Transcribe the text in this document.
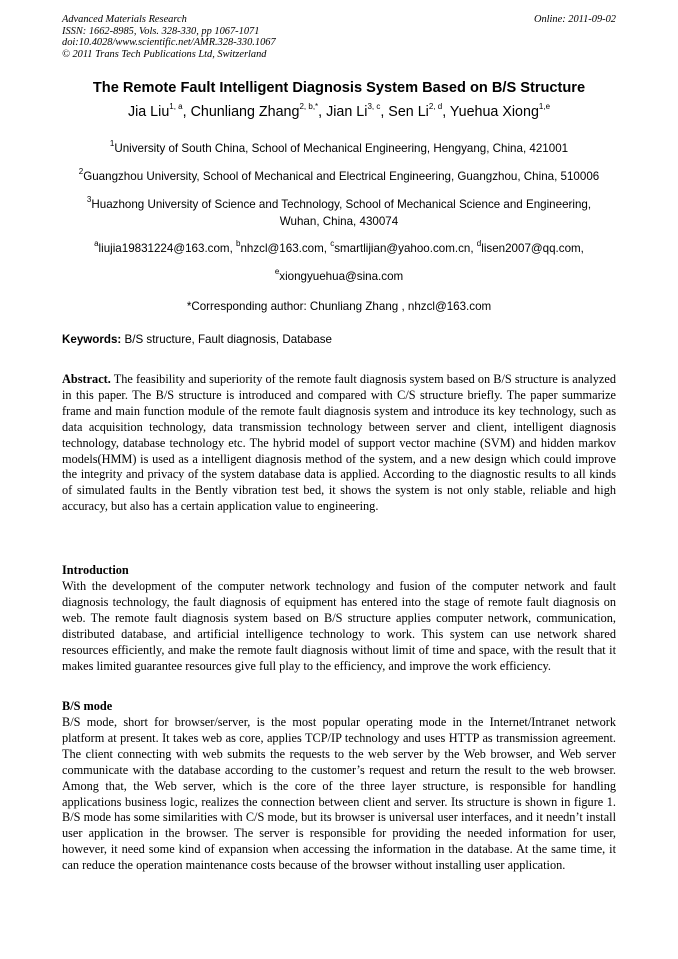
Advanced Materials Research
ISSN: 1662-8985, Vols. 328-330, pp 1067-1071
doi:10.4028/www.scientific.net/AMR.328-330.1067
© 2011 Trans Tech Publications Ltd, Switzerland
Online: 2011-09-02
The Remote Fault Intelligent Diagnosis System Based on B/S Structure
Jia Liu$^{1, a}$, Chunliang Zhang$^{2, b,*}$, Jian Li$^{3, c}$, Sen Li$^{2, d}$, Yuehua Xiong$^{1,e}$
$^1$University of South China, School of Mechanical Engineering, Hengyang, China, 421001
$^2$Guangzhou University, School of Mechanical and Electrical Engineering, Guangzhou, China, 510006
$^3$Huazhong University of Science and Technology, School of Mechanical Science and Engineering,
Wuhan, China, 430074
$^a$liujia19831224@163.com, $^b$nhzcl@163.com, $^c$smartlijian@yahoo.com.cn, $^d$lisen2007@qq.com,
$^e$xiongyuehua@sina.com
*Corresponding author: Chunliang Zhang , nhzcl@163.com
Keywords: B/S structure, Fault diagnosis, Database
Abstract. The feasibility and superiority of the remote fault diagnosis system based on B/S structure is analyzed in this paper. The B/S structure is introduced and compared with C/S structure briefly. The paper summarize frame and main function module of the remote fault diagnosis system and introduce its key technology, such as data acquisition technology, data transmission technology between server and client, intelligent diagnosis technology, database technology etc. The hybrid model of support vector machine (SVM) and hidden markov models(HMM) is used as a intelligent diagnosis method of the system, and a new design which could improve the integrity and privacy of the system database data is applied. According to the diagnostic results to all kinds of simulated faults in the Bently vibration test bed, it shows the system is not only stable, reliable and high accuracy, but also has a certain application value to engineering.
Introduction
With the development of the computer network technology and fusion of the computer network and fault diagnosis technology, the fault diagnosis of equipment has entered into the stage of remote fault diagnosis on web. The remote fault diagnosis system based on B/S structure applies computer network, communication, distributed database, and artificial intelligence technology to work. This system can use network shared resources efficiently, and make the remote fault diagnosis without limit of time and space, with the result that it makes limited guarantee resources give full play to the efficiency, and improve the work efficiency.
B/S mode
B/S mode, short for browser/server, is the most popular operating mode in the Internet/Intranet network platform at present. It takes web as core, applies TCP/IP technology and uses HTTP as transmission agreement. The client connecting with web submits the requests to the web server by the Web browser, and Web server communicate with the database according to the customer’s request and return the result to the web browser. Among that, the Web server, which is the core of the three layer structure, is responsible for handling applications business logic, realizes the connection between client and server. Its structure is shown in figure 1. B/S mode has some similarities with C/S mode, but its browser is universal user interfaces, and it needn’t install user application in the browser. The server is responsible for providing the needed information for user, however, it need some kind of expansion when accessing the information in the database. At the same time, it can reduce the operation maintenance costs because of the browser without installing user application.
